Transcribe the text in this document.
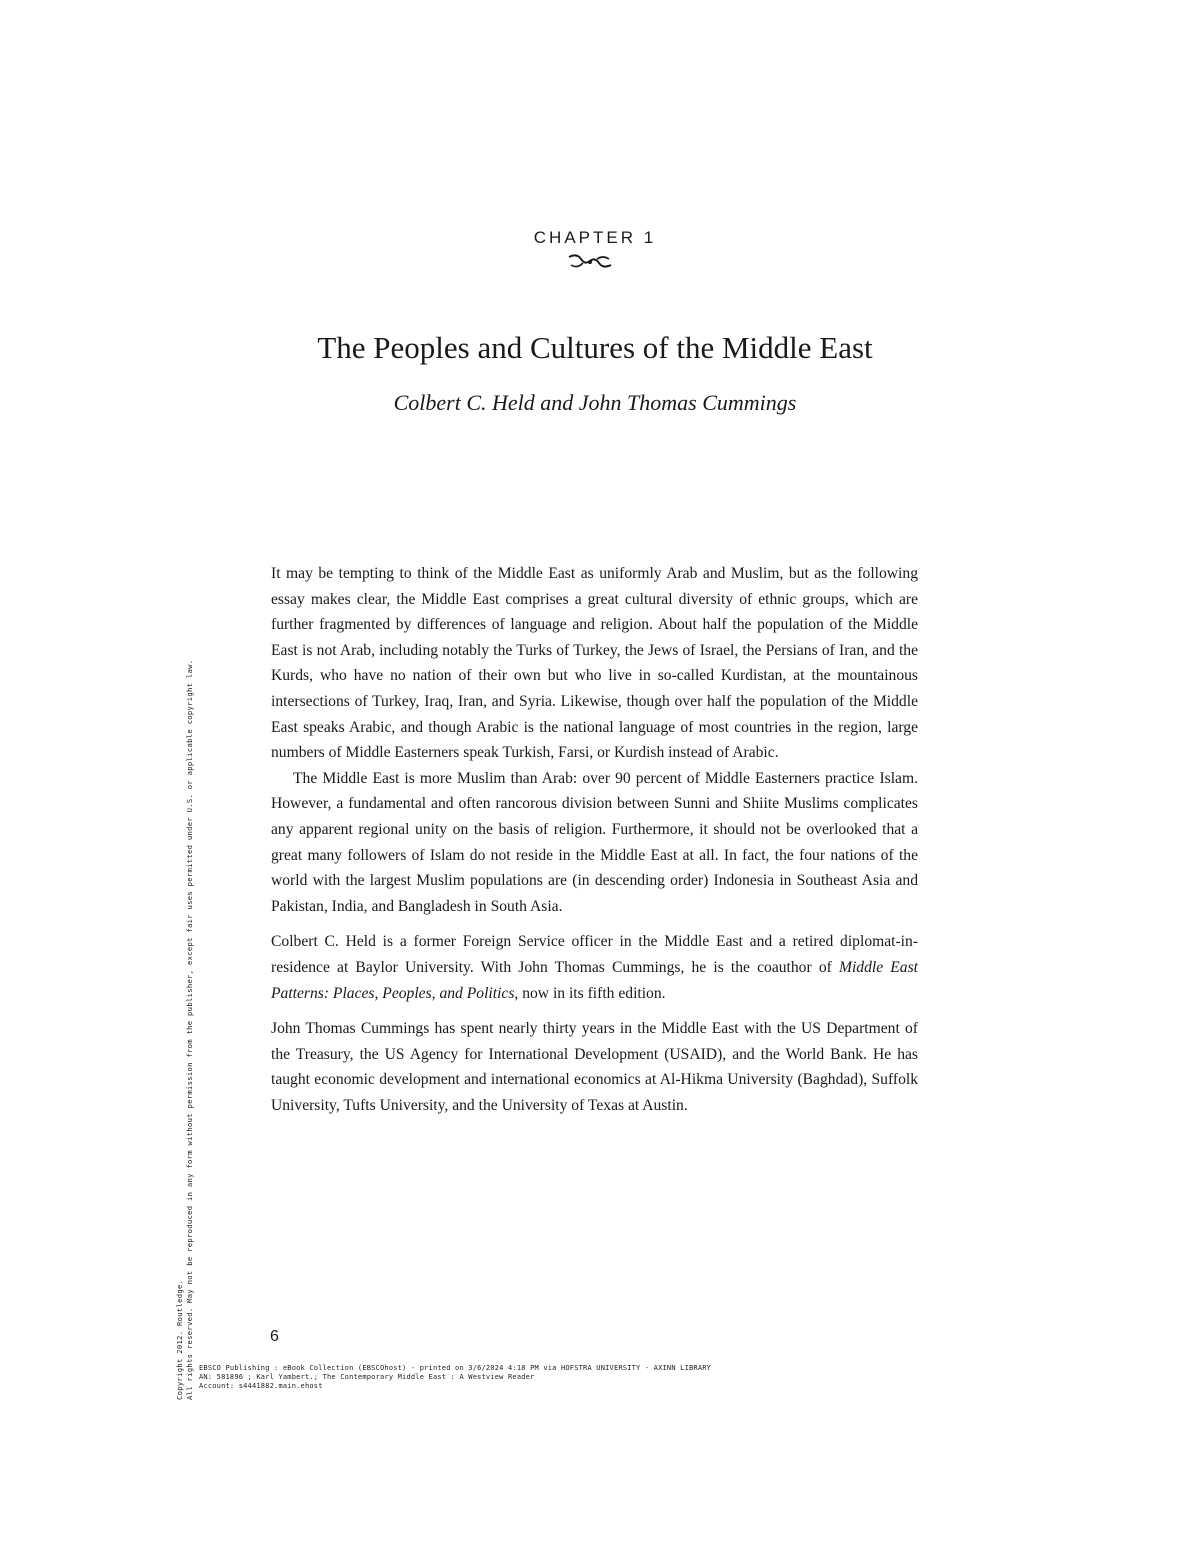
CHAPTER 1
The Peoples and Cultures of the Middle East
Colbert C. Held and John Thomas Cummings

It may be tempting to think of the Middle East as uniformly Arab and Muslim, but as the following essay makes clear, the Middle East comprises a great cultural diversity of ethnic groups, which are further fragmented by differences of language and religion. About half the population of the Middle East is not Arab, including notably the Turks of Turkey, the Jews of Israel, the Persians of Iran, and the Kurds, who have no nation of their own but who live in so-called Kurdistan, at the mountainous intersections of Turkey, Iraq, Iran, and Syria. Likewise, though over half the population of the Middle East speaks Arabic, and though Arabic is the national language of most countries in the region, large numbers of Middle Easterners speak Turkish, Farsi, or Kurdish instead of Arabic.

The Middle East is more Muslim than Arab: over 90 percent of Middle Easterners practice Islam. However, a fundamental and often rancorous division between Sunni and Shiite Muslims complicates any apparent regional unity on the basis of religion. Furthermore, it should not be overlooked that a great many followers of Islam do not reside in the Middle East at all. In fact, the four nations of the world with the largest Muslim populations are (in descending order) Indonesia in Southeast Asia and Pakistan, India, and Bangladesh in South Asia.

Colbert C. Held is a former Foreign Service officer in the Middle East and a retired diplomat-in-residence at Baylor University. With John Thomas Cummings, he is the coauthor of Middle East Patterns: Places, Peoples, and Politics, now in its fifth edition.

John Thomas Cummings has spent nearly thirty years in the Middle East with the US Department of the Treasury, the US Agency for International Development (USAID), and the World Bank. He has taught economic development and international economics at Al-Hikma University (Baghdad), Suffolk University, Tufts University, and the University of Texas at Austin.

6
Copyright 2012. Routledge. All rights reserved. May not be reproduced in any form without permission from the publisher, except fair uses permitted under U.S. or applicable copyright law. EBSCO Publishing : eBook Collection (EBSCOhost) - printed on 3/6/2024 4:18 PM via HOFSTRA UNIVERSITY - AXINN LIBRARY
AN: 581896 ; Karl Yambert.; The Contemporary Middle East : A Westview Reader
Account: s4441882.main.ehost
